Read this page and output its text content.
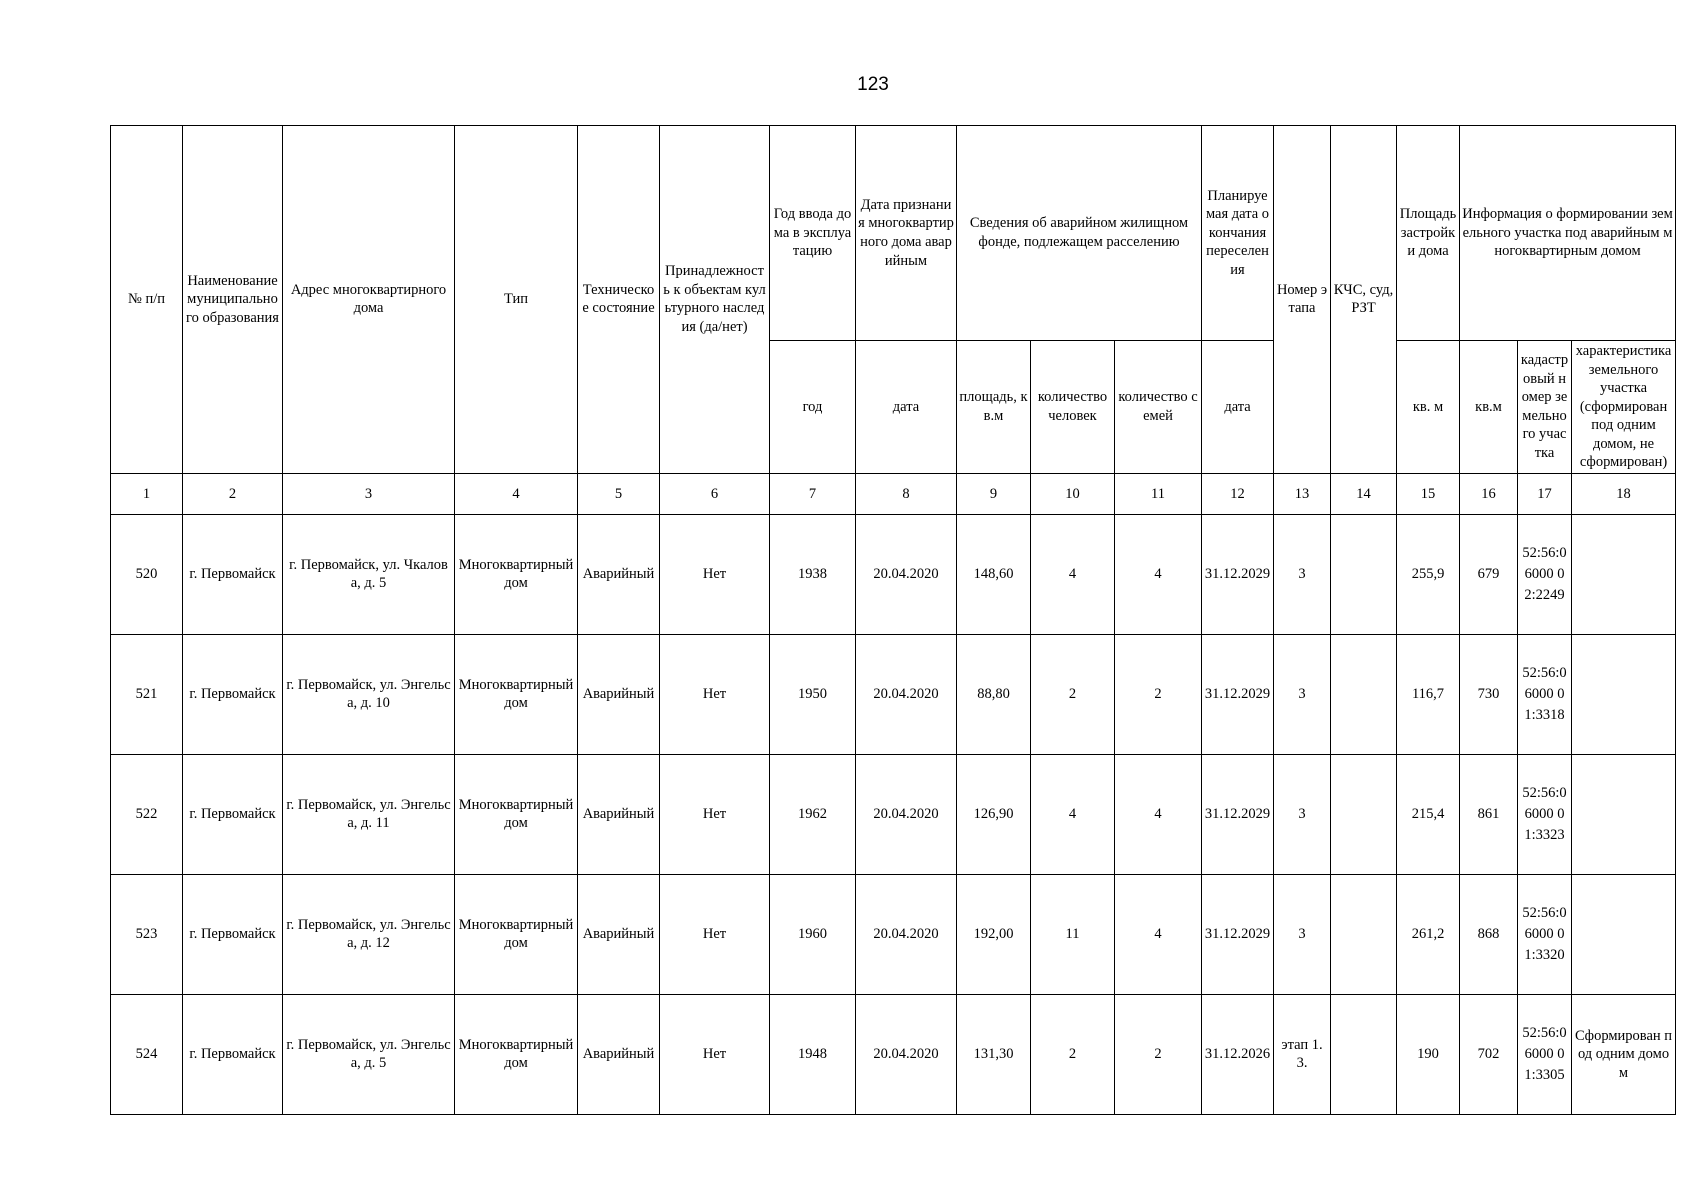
123
№ п/п	Наименование муниципального образования	Адрес многоквартирного дома	Тип	Техническое состояние	Принадлежность к объектам культурного наследия (да/нет)	Год ввода дома в эксплуатацию	Дата признания многоквартирного дома аварийным	Сведения об аварийном жилищном фонде, подлежащем расселению			Планируемая дата окончания переселения	Номер этапа	КЧС, суд, РЗТ	Площадь застройки дома	Информация о формировании земельного участка под аварийным многоквартирным домом		
						год	дата	площадь, кв.м	количество человек	количество семей	дата			кв. м	кв.м	кадастровый номер земельного участка	характеристика земельного участка (сформирован под одним домом, не сформирован)
1	2	3	4	5	6	7	8	9	10	11	12	13	14	15	16	17	18
520	г. Первомайск	г. Первомайск, ул. Чкалова, д. 5	Многоквартирный дом	Аварийный	Нет	1938	20.04.2020	148,60	4	4	31.12.2029	3		255,9	679	52:56:06000 02:2249	
521	г. Первомайск	г. Первомайск, ул. Энгельса, д. 10	Многоквартирный дом	Аварийный	Нет	1950	20.04.2020	88,80	2	2	31.12.2029	3		116,7	730	52:56:06000 01:3318	
522	г. Первомайск	г. Первомайск, ул. Энгельса, д. 11	Многоквартирный дом	Аварийный	Нет	1962	20.04.2020	126,90	4	4	31.12.2029	3		215,4	861	52:56:06000 01:3323	
523	г. Первомайск	г. Первомайск, ул. Энгельса, д. 12	Многоквартирный дом	Аварийный	Нет	1960	20.04.2020	192,00	11	4	31.12.2029	3		261,2	868	52:56:06000 01:3320	
524	г. Первомайск	г. Первомайск, ул. Энгельса, д. 5	Многоквартирный дом	Аварийный	Нет	1948	20.04.2020	131,30	2	2	31.12.2026	этап 1.3.		190	702	52:56:06000 01:3305	Сформирован под одним домом
